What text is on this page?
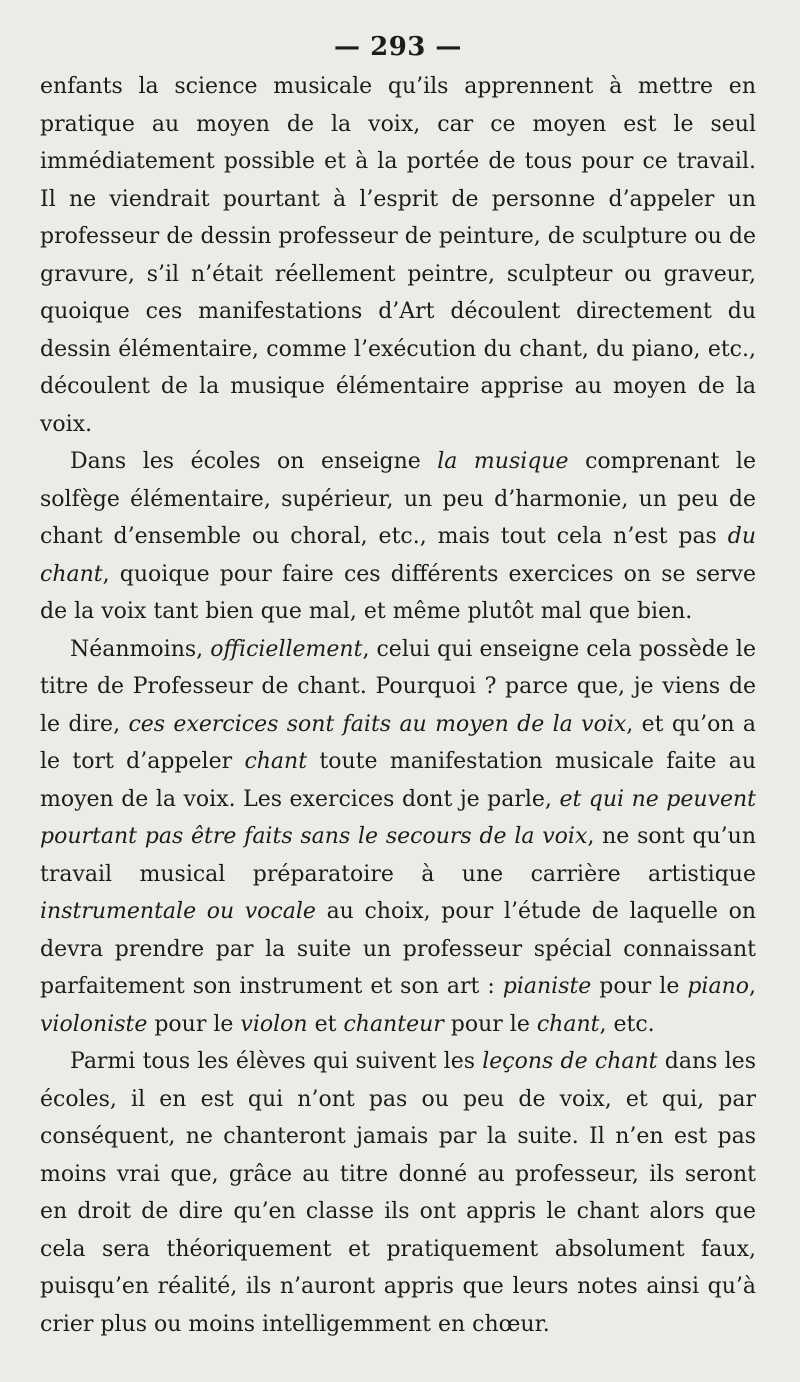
— 293 —

enfants la science musicale qu’ils apprennent à mettre en pratique au moyen de la voix, car ce moyen est le seul immédiatement possible et à la portée de tous pour ce travail. Il ne viendrait pourtant à l’esprit de personne d’appeler un professeur de dessin professeur de peinture, de sculpture ou de gravure, s’il n’était réellement peintre, sculpteur ou graveur, quoique ces manifestations d’Art découlent directement du dessin élémentaire, comme l’exécution du chant, du piano, etc., découlent de la musique élémentaire apprise au moyen de la voix.

Dans les écoles on enseigne la musique comprenant le solfège élémentaire, supérieur, un peu d’harmonie, un peu de chant d’ensemble ou choral, etc., mais tout cela n’est pas du chant, quoique pour faire ces différents exercices on se serve de la voix tant bien que mal, et même plutôt mal que bien.

Néanmoins, officiellement, celui qui enseigne cela possède le titre de Professeur de chant. Pourquoi ? parce que, je viens de le dire, ces exercices sont faits au moyen de la voix, et qu’on a le tort d’appeler chant toute manifestation musicale faite au moyen de la voix. Les exercices dont je parle, et qui ne peuvent pourtant pas être faits sans le secours de la voix, ne sont qu’un travail musical préparatoire à une carrière artistique instrumentale ou vocale au choix, pour l’étude de laquelle on devra prendre par la suite un professeur spécial connaissant parfaitement son instrument et son art : pianiste pour le piano, violoniste pour le violon et chanteur pour le chant, etc.

Parmi tous les élèves qui suivent les leçons de chant dans les écoles, il en est qui n’ont pas ou peu de voix, et qui, par conséquent, ne chanteront jamais par la suite. Il n’en est pas moins vrai que, grâce au titre donné au professeur, ils seront en droit de dire qu’en classe ils ont appris le chant alors que cela sera théoriquement et pratiquement absolument faux, puisqu’en réalité, ils n’auront appris que leurs notes ainsi qu’à crier plus ou moins intelligemment en chœur.
